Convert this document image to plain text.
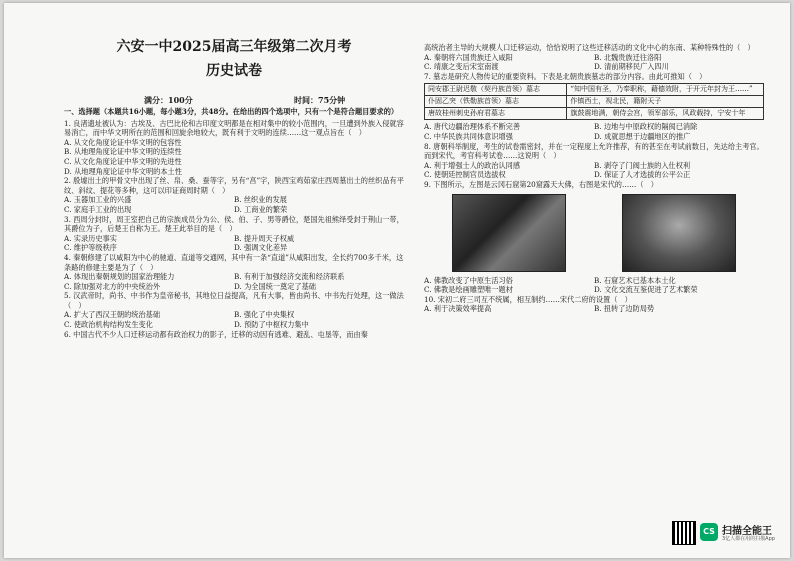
六安一中2025届高三年级第二次月考
历史试卷
满分：100分	时间：75分钟

一、选择题（本题共16小题，每小题3分，共48分。在给出的四个选项中，只有一个是符合题目要求的）

1. 良渚遗址被认为：古埃及、古巴比伦和古印度文明都是在相对集中的较小范围内，一旦遭到外族入侵就容易消亡，而中华文明所在的范围和回旋余地较大，既有利于文明的连续……这一观点旨在（　）

A. 从文化角度论证中华文明的包容性

B. 从地理角度论证中华文明的连续性

C. 从文化角度论证中华文明的先进性

D. 从地理角度论证中华文明的本土性

2. 殷墟出土的甲骨文中出现了丝、帛、桑、蚕等字，另有“亯”字，陕西宝鸡茹家庄西周墓出土的丝织品有平纹、斜纹、提花等多种，这可以印证商周时期（　）

A. 玉器加工业的兴盛	B. 丝织业的发展
C. 家庭手工业的出现	D. 工商业的繁荣

3. 西周分封时，周王室把自己的宗族成员分为公、侯、伯、子、男等爵位，楚国先祖熊绎受封于荆山一带，其爵位为子，后楚王自称为王。楚王此举目的是（　）

A. 实录历史事实	B. 提升周天子权威
C. 维护等级秩序	D. 强调文化差异

4. 秦朝修建了以咸阳为中心的驰道、直道等交通网，其中有一条“直道”从咸阳出发，全长约700多千米，这条路的修建主要是为了（　）

A. 体现出秦朝规划的国家治理能力	B. 有利于加强经济交流和经济联系
C. 除加强对北方的中央统治外	D. 为全国统一奠定了基础

5. 汉武帝时，尚书、中书作为皇帝秘书，其地位日益提高，凡有大事，皆由尚书、中书先行处理，这一做法（　）

A. 扩大了西汉王朝的统治基础	B. 强化了中央集权
C. 使政治机构结构发生变化	D. 预防了中枢权力集中

6. 中国古代不少人口迁移运动都有政治权力的影子，迁移的动因有逃难、避乱、屯垦等，而由秦

高统治者主导的大规模人口迁移运动，恰恰说明了这些迁移活动的文化中心的东南、某种特殊性的（　）

A. 秦朝将六国贵族迁入咸阳	B. 北魏贵族迁往洛阳
C. 靖康之变后宋室南渡	D. 清前期移民广入四川

7. 墓志是研究人物传记的重要资料。下表是北朝贵族墓志的部分内容。由此可推知（　）

同安郡王尉迟敬（契丹族首领）墓志	“知中国有圣，乃奉职称，藉德效附，于开元年封为王……”
仆固乙突（铁勒族首领）墓志	作镇西土，视北民，籍附天子
唐故桂州刺史孙府君墓志	旗鼓震地满，朝侍会宫，领军部乐，风政载持，宁安十年
A. 唐代边疆治理体系不断完善	B. 边地与中原政权的隔阂已消除
C. 中华民族共同体意识增强	D. 成就思想于边疆地区的推广

8. 唐朝科举制度，考生的试卷需密封，并在一定程度上允许推荐，有的甚至在考试前数日，先达给主考官。而到宋代，考官科考试卷……这说明（　）

A. 利于增强士人的政治认同感	B. 剥夺了门阀士族的入仕权利
C. 使朝廷控制官员选拔权	D. 保证了人才选拔的公平公正

9. 下图所示，左图是云冈石窟第20窟露天大佛，右图是宋代的……（　）

A. 佛教改变了中原生活习俗	B. 石窟艺术已基本本土化
C. 佛教是绘画雕塑唯一题材	D. 文化交流互鉴促进了艺术繁荣

10. 宋初二府三司互不统属，相互制约……宋代二府的设置（　）

A. 利于决策效率提高	B. 扭转了边防局势
CS 扫描全能王
3亿人都在用的扫描App
